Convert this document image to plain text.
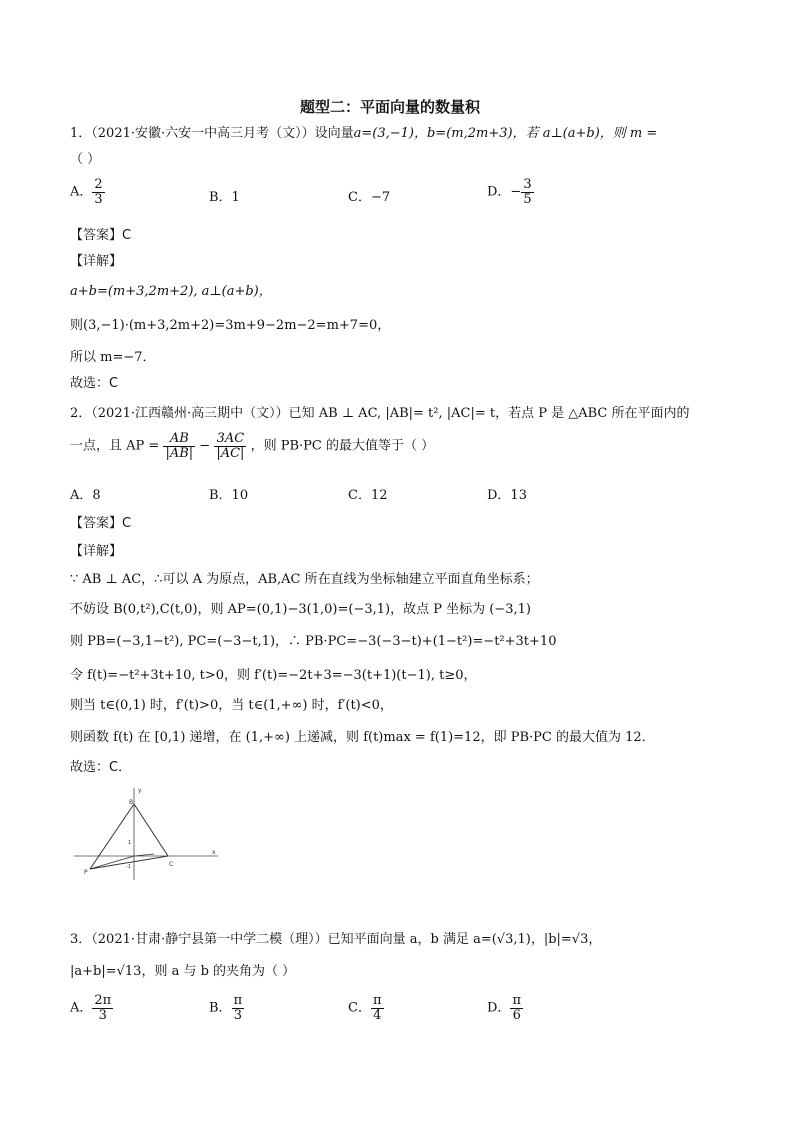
题型二：平面向量的数量积
1．（2021·安徽·六安一中高三月考（文））设向量a=(3,−1)，b=(m,2m+3)，若 a⊥(a+b)，则 m =
（ ）
A． $\frac{2}{3}$	B．1	C．−7	D．− $\frac{3}{5}$
【答案】C
【详解】
a+b=(m+3,2m+2), a⊥(a+b)，
则(3,−1)·(m+3,2m+2)=3m+9−2m−2=m+7=0，
所以 m=−7．
故选：C
2．（2021·江西赣州·高三期中（文））已知 AB ⊥ AC, |AB|= t², |AC|= t，若点 P 是 △ABC 所在平面内的
一点，且 AP = $\frac{AB}{|AB|} - \frac{3AC}{|AC|}$ ，则 PB·PC 的最大值等于（ ）
A．8	B．10	C．12	D．13
【答案】C
【详解】
∵ AB ⊥ AC，∴可以 A 为原点，AB,AC 所在直线为坐标轴建立平面直角坐标系；
不妨设 B(0,t²),C(t,0)，则 AP=(0,1)−3(1,0)=(−3,1)，故点 P 坐标为 (−3,1)
则 PB=(−3,1−t²), PC=(−3−t,1)，∴ PB·PC=−3(−3−t)+(1−t²)=−t²+3t+10
令 f(t)=−t²+3t+10, t>0，则 f′(t)=−2t+3=−3(t+1)(t−1), t≥0，
则当 t∈(0,1) 时，f′(t)>0，当 t∈(1,+∞) 时，f′(t)<0，
则函数 f(t) 在 [0,1) 递增，在 (1,+∞) 上递减，则 f(t)max = f(1)=12，即 PB·PC 的最大值为 12．
故选：C．
B
P
C
y
x
1
-1
3．（2021·甘肃·静宁县第一中学二模（理））已知平面向量 a，b 满足 a=(√3,1)，|b|=√3，
|a+b|=√13，则 a 与 b 的夹角为（ ）
A． $\frac{2\pi}{3}$	B． $\frac{\pi}{3}$	C． $\frac{\pi}{4}$	D． $\frac{\pi}{6}$
